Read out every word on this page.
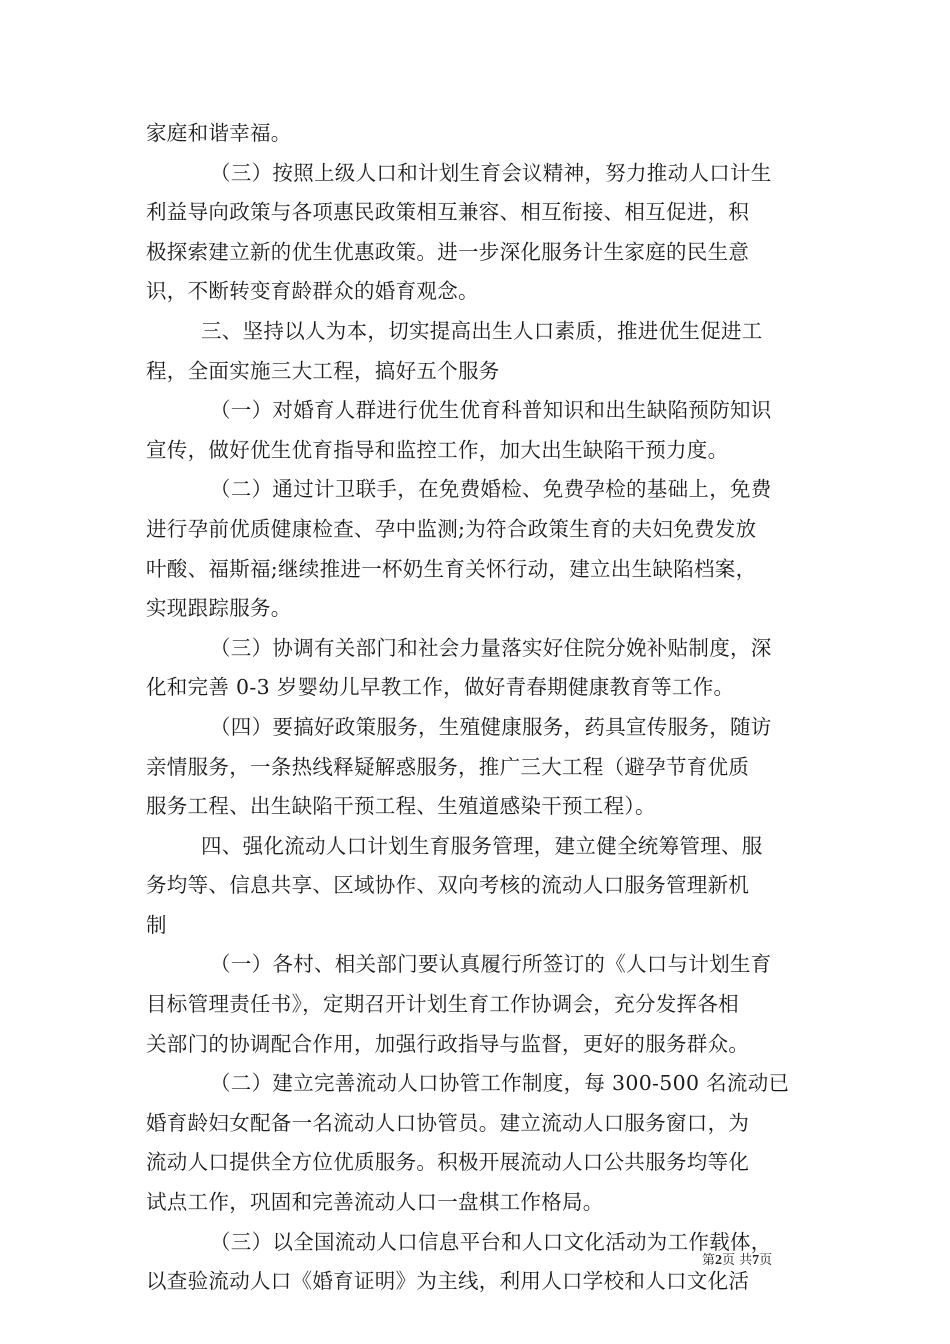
家庭和谐幸福。
（三）按照上级人口和计划生育会议精神，努力推动人口计生
利益导向政策与各项惠民政策相互兼容、相互衔接、相互促进，积
极探索建立新的优生优惠政策。进一步深化服务计生家庭的民生意
识，不断转变育龄群众的婚育观念。
三、坚持以人为本，切实提高出生人口素质，推进优生促进工
程，全面实施三大工程，搞好五个服务
（一）对婚育人群进行优生优育科普知识和出生缺陷预防知识
宣传，做好优生优育指导和监控工作，加大出生缺陷干预力度。
（二）通过计卫联手，在免费婚检、免费孕检的基础上，免费
进行孕前优质健康检查、孕中监测;为符合政策生育的夫妇免费发放
叶酸、福斯福;继续推进一杯奶生育关怀行动，建立出生缺陷档案，
实现跟踪服务。
（三）协调有关部门和社会力量落实好住院分娩补贴制度，深
化和完善 0-3 岁婴幼儿早教工作，做好青春期健康教育等工作。
（四）要搞好政策服务，生殖健康服务，药具宣传服务，随访
亲情服务，一条热线释疑解惑服务，推广三大工程（避孕节育优质
服务工程、出生缺陷干预工程、生殖道感染干预工程）。
四、强化流动人口计划生育服务管理，建立健全统筹管理、服
务均等、信息共享、区域协作、双向考核的流动人口服务管理新机
制
（一）各村、相关部门要认真履行所签订的《人口与计划生育
目标管理责任书》，定期召开计划生育工作协调会，充分发挥各相
关部门的协调配合作用，加强行政指导与监督，更好的服务群众。
（二）建立完善流动人口协管工作制度，每 300-500 名流动已
婚育龄妇女配备一名流动人口协管员。建立流动人口服务窗口，为
流动人口提供全方位优质服务。积极开展流动人口公共服务均等化
试点工作，巩固和完善流动人口一盘棋工作格局。
（三）以全国流动人口信息平台和人口文化活动为工作载体，
以查验流动人口《婚育证明》为主线，利用人口学校和人口文化活
第2页 共7页
